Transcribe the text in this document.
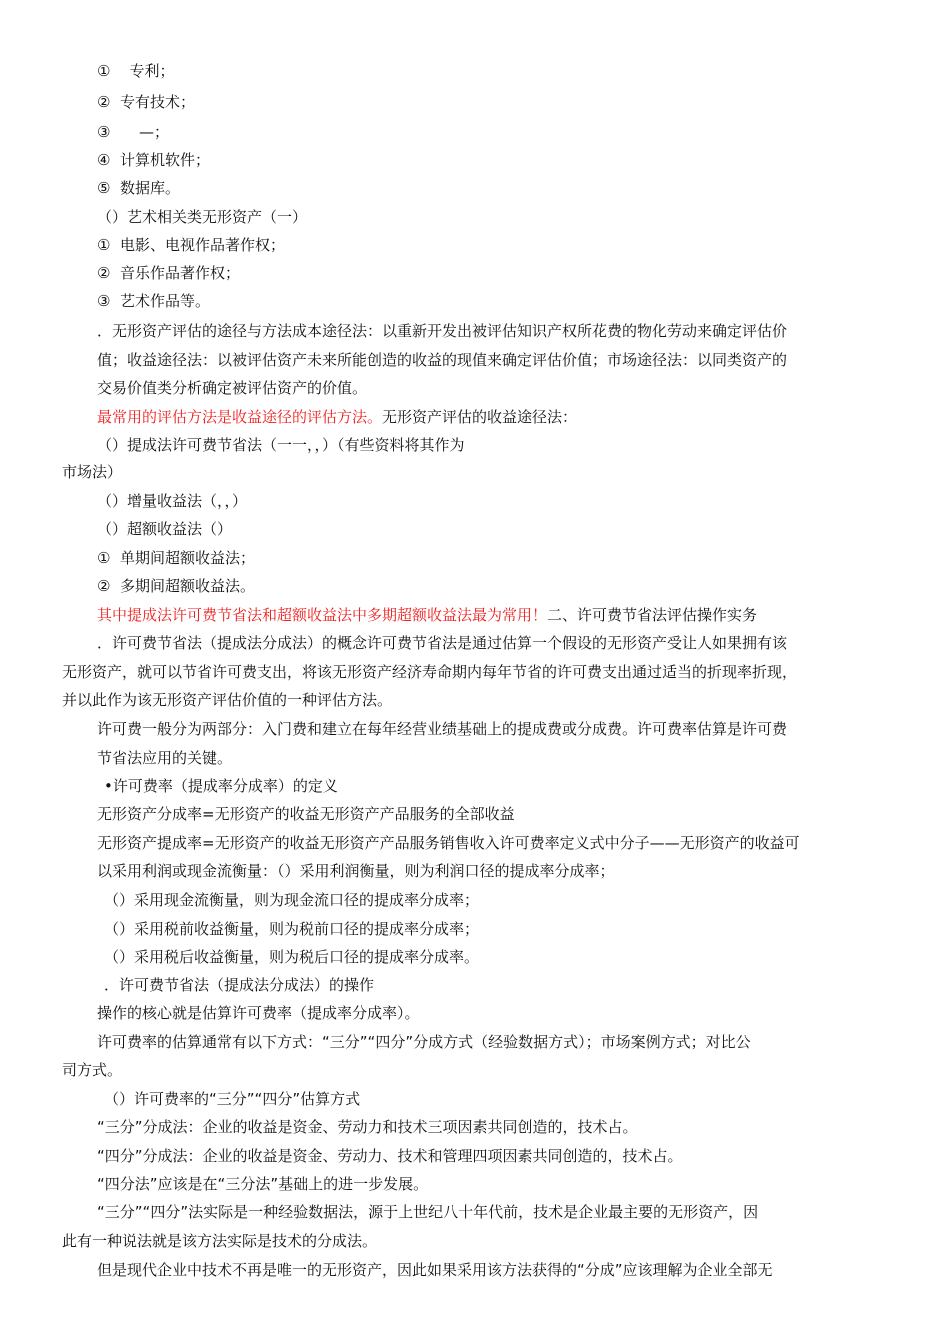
①    专利；
②  专有技术；
③      —；
④  计算机软件；
⑤  数据库。
（）艺术相关类无形资产（一）
①  电影、电视作品著作权；
②  音乐作品著作权；
③  艺术作品等。
．无形资产评估的途径与方法成本途径法：以重新开发出被评估知识产权所花费的物化劳动来确定评估价
值；收益途径法：以被评估资产未来所能创造的收益的现值来确定评估价值；市场途径法：以同类资产的
交易价值类分析确定被评估资产的价值。
最常用的评估方法是收益途径的评估方法。无形资产评估的收益途径法：
（）提成法许可费节省法（一一，，）（有些资料将其作为
市场法）
（）增量收益法（，，）
（）超额收益法（）
①  单期间超额收益法；
②  多期间超额收益法。
其中提成法许可费节省法和超额收益法中多期超额收益法最为常用！二、许可费节省法评估操作实务
．许可费节省法（提成法分成法）的概念许可费节省法是通过估算一个假设的无形资产受让人如果拥有该
无形资产，就可以节省许可费支出，将该无形资产经济寿命期内每年节省的许可费支出通过适当的折现率折现，
并以此作为该无形资产评估价值的一种评估方法。
许可费一般分为两部分：入门费和建立在每年经营业绩基础上的提成费或分成费。许可费率估算是许可费
节省法应用的关键。
•许可费率（提成率分成率）的定义
无形资产分成率=无形资产的收益无形资产产品服务的全部收益
无形资产提成率=无形资产的收益无形资产产品服务销售收入许可费率定义式中分子——无形资产的收益可
以采用利润或现金流衡量：（）采用利润衡量，则为利润口径的提成率分成率；
（）采用现金流衡量，则为现金流口径的提成率分成率；
（）采用税前收益衡量，则为税前口径的提成率分成率；
（）采用税后收益衡量，则为税后口径的提成率分成率。
．许可费节省法（提成法分成法）的操作
操作的核心就是估算许可费率（提成率分成率）。
许可费率的估算通常有以下方式：“三分”“四分”分成方式（经验数据方式）；市场案例方式；对比公
司方式。
（）许可费率的“三分”“四分”估算方式
“三分”分成法：企业的收益是资金、劳动力和技术三项因素共同创造的，技术占。
“四分”分成法：企业的收益是资金、劳动力、技术和管理四项因素共同创造的，技术占。
“四分法”应该是在“三分法”基础上的进一步发展。
“三分”“四分”法实际是一种经验数据法，源于上世纪八十年代前，技术是企业最主要的无形资产，因
此有一种说法就是该方法实际是技术的分成法。
但是现代企业中技术不再是唯一的无形资产，因此如果采用该方法获得的“分成”应该理解为企业全部无
